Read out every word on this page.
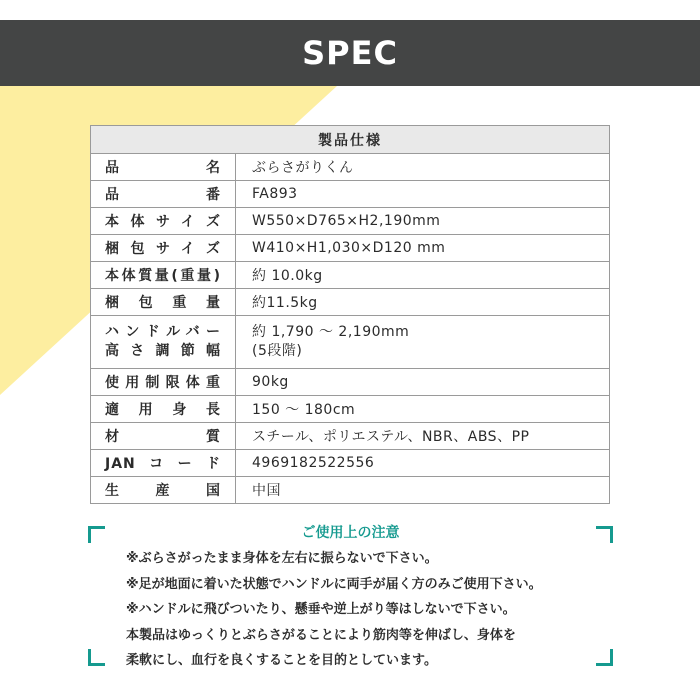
SPEC
製品仕様	
品　名	ぶらさがりくん
品　番	FA893
本体サイズ	W550×D765×H2,190mm
梱包サイズ	W410×H1,030×D120 mm
本体質量(重量)	約 10.0kg
梱包重量	約11.5kg

ハンドルバー
高さ調節幅	約 1,790 ～ 2,190mm
(5段階)

使用制限体重	90kg
適用身長	150 ～ 180cm
材　質	スチール、ポリエステル、NBR、ABS、PP
JANコード	4969182522556
生産国	中国
ご使用上の注意
※ぶらさがったまま身体を左右に振らないで下さい。
※足が地面に着いた状態でハンドルに両手が届く方のみご使用下さい。
※ハンドルに飛びついたり、懸垂や逆上がり等はしないで下さい。
本製品はゆっくりとぶらさがることにより筋肉等を伸ばし、身体を
柔軟にし、血行を良くすることを目的としています。
